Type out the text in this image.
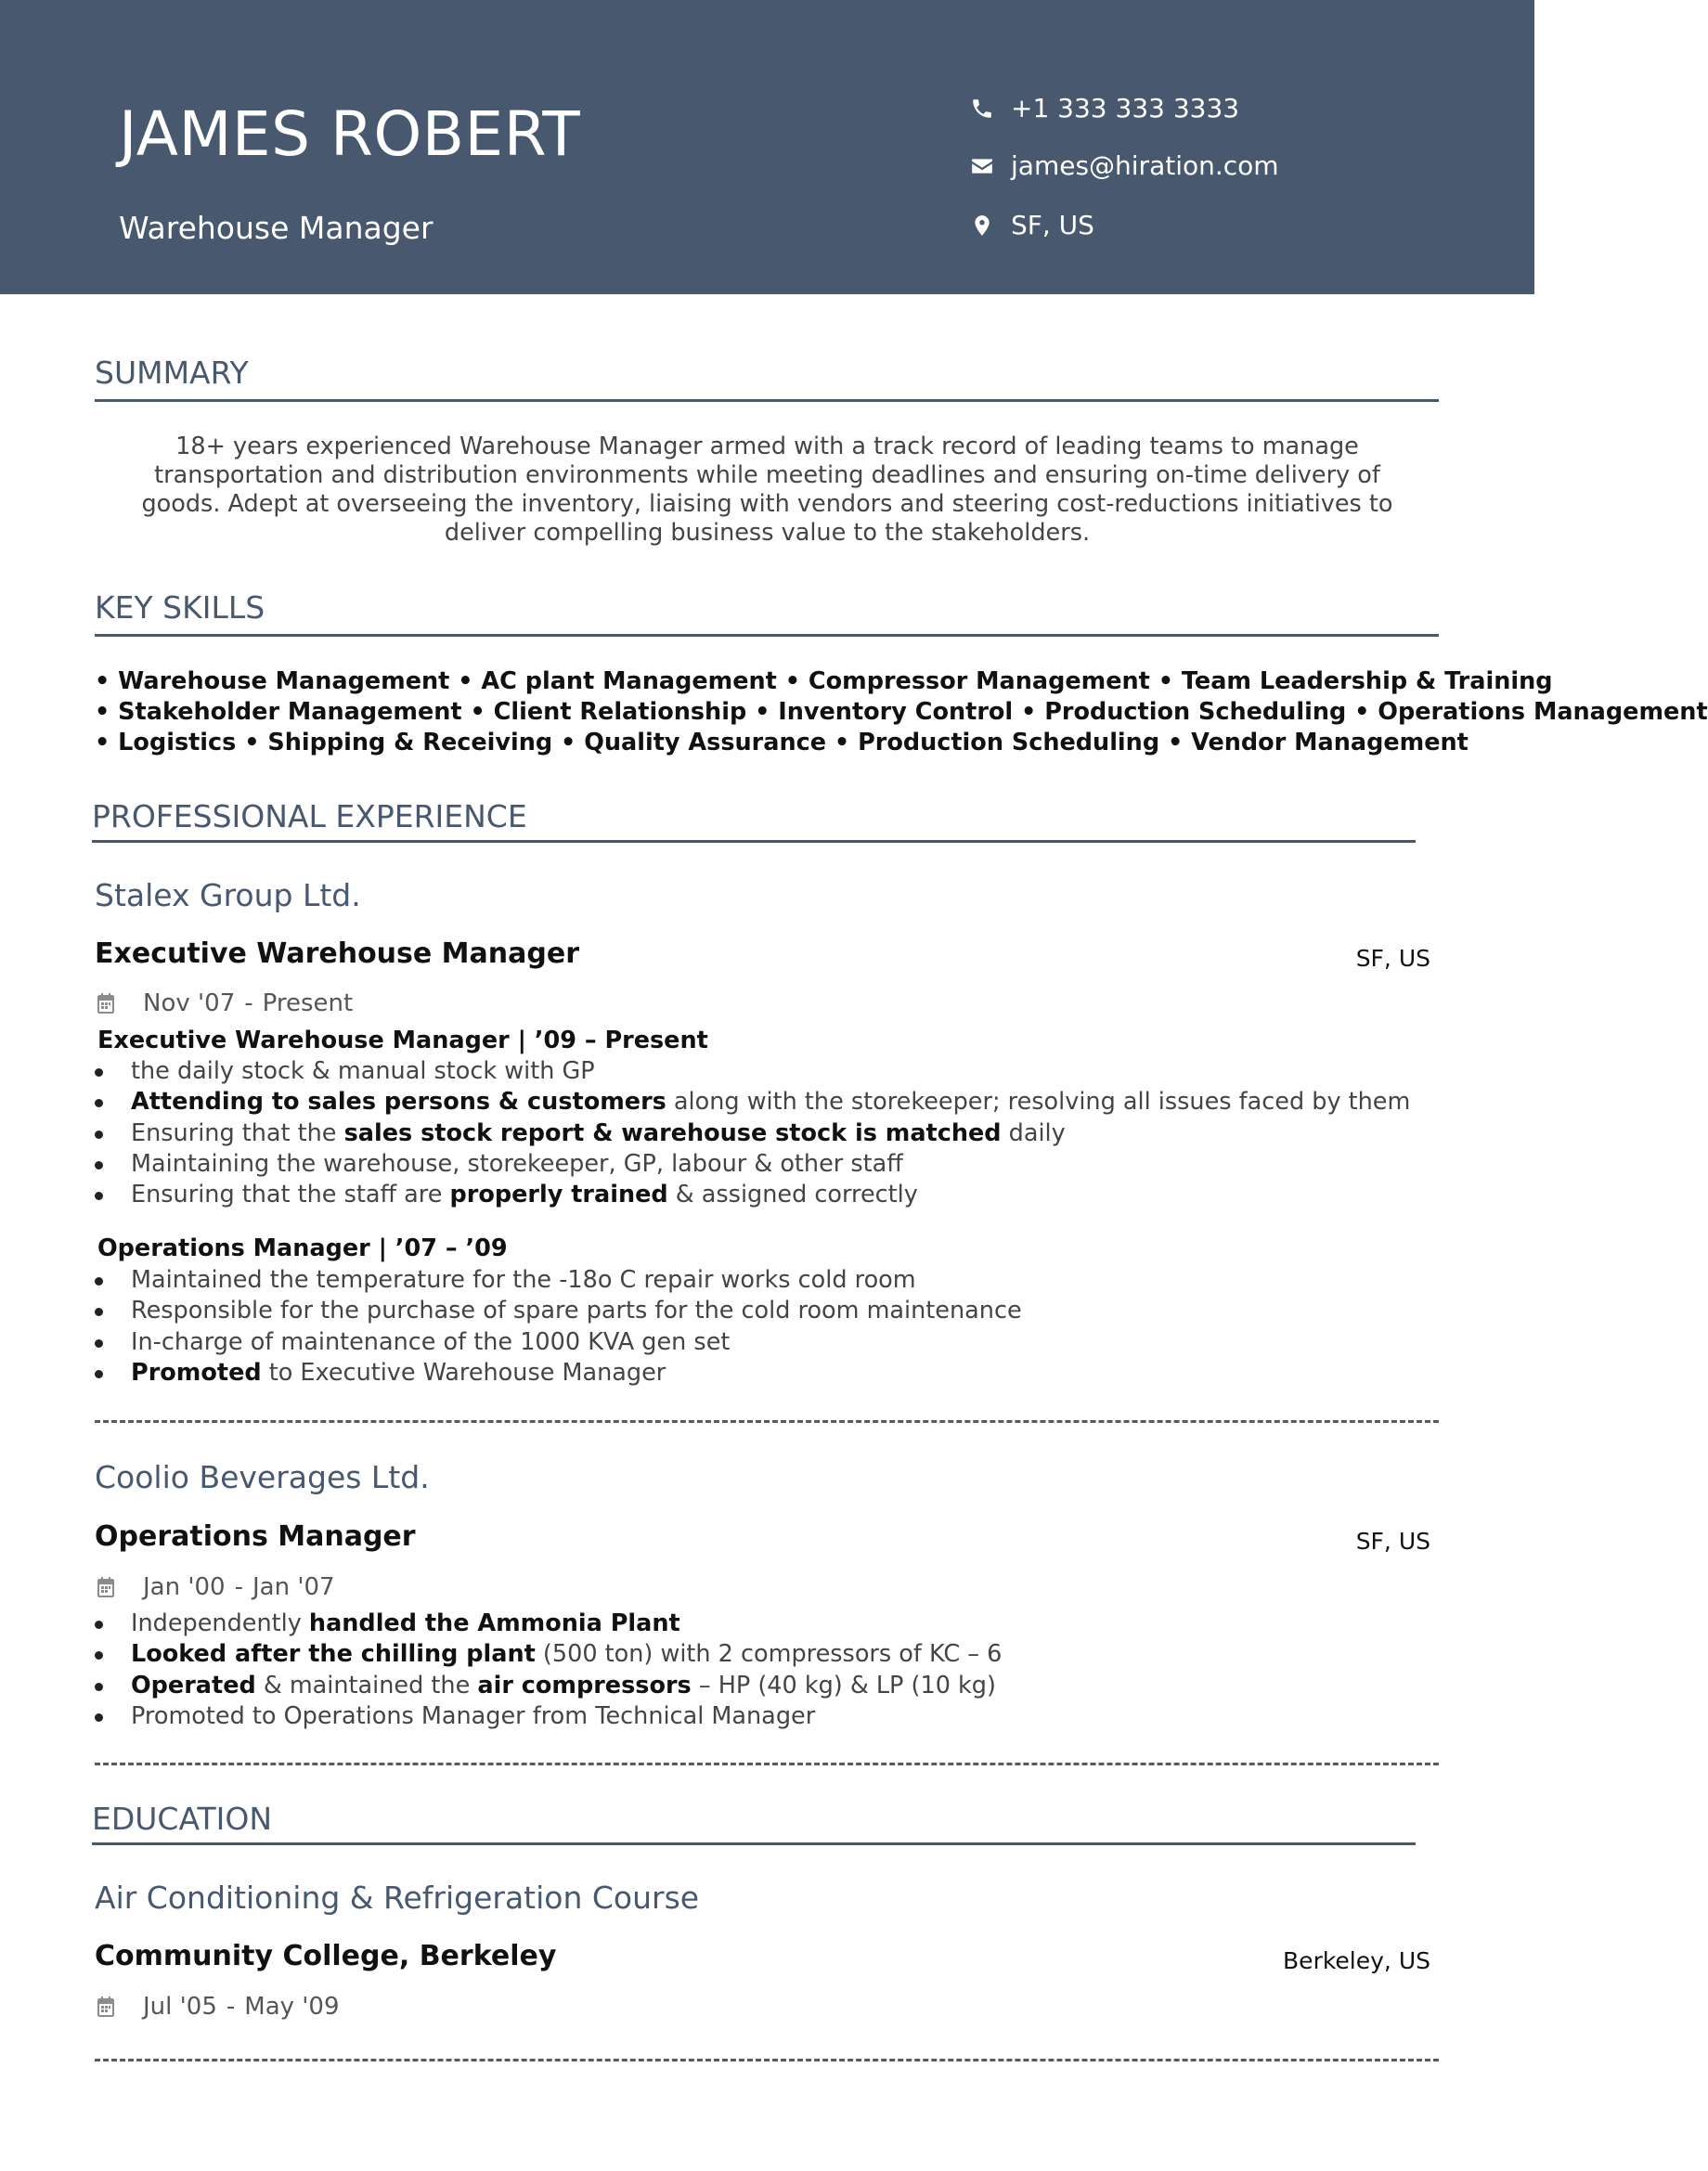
JAMES ROBERT
Warehouse Manager
+1 333 333 3333
james@hiration.com
SF, US
SUMMARY
18+ years experienced Warehouse Manager armed with a track record of leading teams to manage transportation and distribution environments while meeting deadlines and ensuring on-time delivery of goods. Adept at overseeing the inventory, liaising with vendors and steering cost-reductions initiatives to deliver compelling business value to the stakeholders.
KEY SKILLS
• Warehouse Management • AC plant Management • Compressor Management • Team Leadership & Training
• Stakeholder Management • Client Relationship • Inventory Control • Production Scheduling • Operations Management
• Logistics • Shipping & Receiving • Quality Assurance • Production Scheduling • Vendor Management
PROFESSIONAL EXPERIENCE
Stalex Group Ltd.
Executive Warehouse Manager	SF, US
Nov '07 - Present
Executive Warehouse Manager | ’09 – Present
the daily stock & manual stock with GP
Attending to sales persons & customers along with the storekeeper; resolving all issues faced by them
Ensuring that the sales stock report & warehouse stock is matched daily
Maintaining the warehouse, storekeeper, GP, labour & other staff
Ensuring that the staff are properly trained & assigned correctly
Operations Manager | ’07 – ’09
Maintained the temperature for the -18o C repair works cold room
Responsible for the purchase of spare parts for the cold room maintenance
In-charge of maintenance of the 1000 KVA gen set
Promoted to Executive Warehouse Manager
Coolio Beverages Ltd.
Operations Manager	SF, US
Jan '00 - Jan '07
Independently handled the Ammonia Plant
Looked after the chilling plant (500 ton) with 2 compressors of KC – 6
Operated & maintained the air compressors – HP (40 kg) & LP (10 kg)
Promoted to Operations Manager from Technical Manager
EDUCATION
Air Conditioning & Refrigeration Course
Community College, Berkeley	Berkeley, US
Jul '05 - May '09
